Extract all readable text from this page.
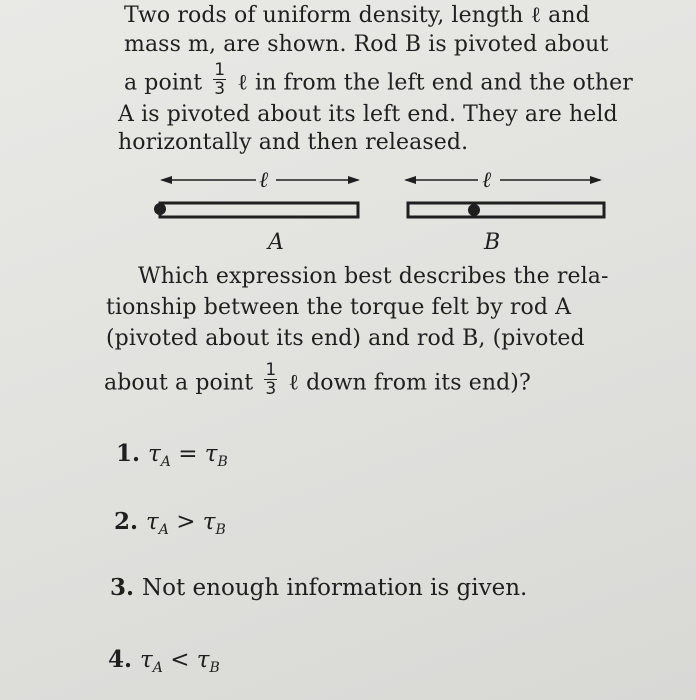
Two rods of uniform density, length ℓ and
mass m, are shown. Rod B is pivoted about
a point $\frac{1}{3}$ ℓ in from the left end and the other
A is pivoted about its left end. They are held
horizontally and then released.
ℓ	ℓ
A	B
Which expression best describes the rela-
tionship between the torque felt by rod A
(pivoted about its end) and rod B, (pivoted
about a point $\frac{1}{3}$ ℓ down from its end)?
1. $\tau_A = \tau_B$
2. $\tau_A > \tau_B$
3. Not enough information is given.
4. $\tau_A < \tau_B$
